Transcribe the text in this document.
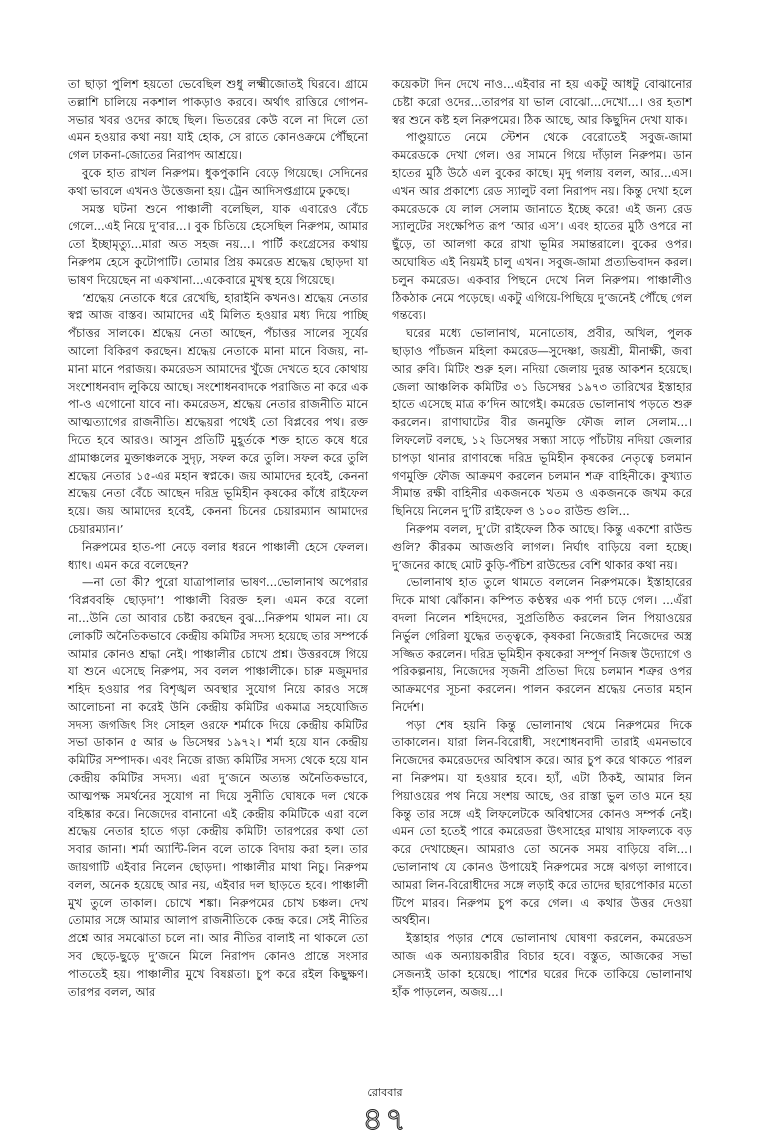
তা ছাড়া পুলিশ হয়তো ভেবেছিল শুধু লক্ষ্মীজোতই ঘিরবে। গ্রামে তল্লাশি চালিয়ে নকশাল পাকড়াও করবে। অর্থাৎ রাত্তিরে গোপন-সভার খবর ওদের কাছে ছিল। ভিতরের কেউ বলে না দিলে তো এমন হওয়ার কথা নয়! যাই হোক, সে রাতে কোনওক্রমে পৌঁছনো গেল ঢাকনা-জোতের নিরাপদ আশ্রয়ে।

বুকে হাত রাখল নিরুপম। ধুকপুকানি বেড়ে গিয়েছে। সেদিনের কথা ভাবলে এখনও উত্তেজনা হয়। ট্রেন আদিসপ্তগ্রামে ঢুকছে।

সমস্ত ঘটনা শুনে পাঞ্চালী বলেছিল, যাক এবারেও বেঁচে গেলে...এই নিয়ে দু’বার...। বুক চিতিয়ে হেসেছিল নিরুপম, আমার তো ইচ্ছামৃত্যু...মারা অত সহজ নয়...। পার্টি কংগ্রেসের কথায় নিরুপম হেসে কুটোপাটি। তোমার প্রিয় কমরেড শ্রদ্ধেয় ছোড়দা যা ভাষণ দিয়েছেন না একখানা...একেবারে মুখস্থ হয়ে গিয়েছে।

‘শ্রদ্ধেয় নেতাকে ধরে রেখেছি, হারাইনি কখনও। শ্রদ্ধেয় নেতার স্বপ্ন আজ বাস্তব। আমাদের এই মিলিত হওয়ার মধ্য দিয়ে পাচ্ছি পঁচাত্তর সালকে। শ্রদ্ধেয় নেতা আছেন, পঁচাত্তর সালের সূর্যের আলো বিকিরণ করছেন। শ্রদ্ধেয় নেতাকে মানা মানে বিজয়, না-মানা মানে পরাজয়। কমরেডস আমাদের খুঁজে দেখতে হবে কোথায় সংশোধনবাদ লুকিয়ে আছে। সংশোধনবাদকে পরাজিত না করে এক পা-ও এগোনো যাবে না। কমরেডস, শ্রদ্ধেয় নেতার রাজনীতি মানে আত্মত্যাগের রাজনীতি। শ্রদ্ধেয়রা পথেই তো বিপ্লবের পথ। রক্ত দিতে হবে আরও। আসুন প্রতিটি মুহূর্তকে শক্ত হাতে কষে ধরে গ্রামাঞ্চলের মুক্তাঞ্চলকে সুদৃঢ়, সফল করে তুলি। সফল করে তুলি শ্রদ্ধেয় নেতার ১৫-এর মহান স্বপ্নকে। জয় আমাদের হবেই, কেননা শ্রদ্ধেয় নেতা বেঁচে আছেন দরিদ্র ভূমিহীন কৃষকের কাঁধে রাইফেল হয়ে। জয় আমাদের হবেই, কেননা চিনের চেয়ারম্যান আমাদের চেয়ারম্যান।’

নিরুপমের হাত-পা নেড়ে বলার ধরনে পাঞ্চালী হেসে ফেলল। ধ্যাৎ। এমন করে বলেছেন?

—না তো কী? পুরো যাত্রাপালার ভাষণ...ভোলানাথ অপেরার ‘বিপ্লববহ্নি ছোড়দা’! পাঞ্চালী বিরক্ত হল। এমন করে বলো না...উনি তো আবার চেষ্টা করছেন বুঝ...নিরুপম থামল না। যে লোকটি অনৈতিকভাবে কেন্দ্রীয় কমিটির সদস্য হয়েছে তার সম্পর্কে আমার কোনও শ্রদ্ধা নেই। পাঞ্চালীর চোখে প্রশ্ন। উত্তরবঙ্গে গিয়ে যা শুনে এসেছে নিরুপম, সব বলল পাঞ্চালীকে। চারু মজুমদার শহিদ হওয়ার পর বিশৃঙ্খল অবস্থার সুযোগ নিয়ে কারও সঙ্গে আলোচনা না করেই উনি কেন্দ্রীয় কমিটির একমাত্র সহযোজিত সদস্য জগজিৎ সিং সোহল ওরফে শর্মাকে দিয়ে কেন্দ্রীয় কমিটির সভা ডাকান ৫ আর ৬ ডিসেম্বর ১৯৭২। শর্মা হয়ে যান কেন্দ্রীয় কমিটির সম্পাদক। এবং নিজে রাজ্য কমিটির সদস্য থেকে হয়ে যান কেন্দ্রীয় কমিটির সদস্য। এরা দু’জনে অত্যন্ত অনৈতিকভাবে, আত্মপক্ষ সমর্থনের সুযোগ না দিয়ে সুনীতি ঘোষকে দল থেকে বহিষ্কার করে। নিজেদের বানানো এই কেন্দ্রীয় কমিটিকে এরা বলে শ্রদ্ধেয় নেতার হাতে গড়া কেন্দ্রীয় কমিটি! তারপরের কথা তো সবার জানা। শর্মা অ্যান্টি-লিন বলে তাকে বিদায় করা হল। তার জায়গাটি এইবার নিলেন ছোড়দা। পাঞ্চালীর মাথা নিচু। নিরুপম বলল, অনেক হয়েছে আর নয়, এইবার দল ছাড়তে হবে। পাঞ্চালী মুখ তুলে তাকাল। চোখে শঙ্কা। নিরুপমের চোখ চঞ্চল। দেখ তোমার সঙ্গে আমার আলাপ রাজনীতিকে কেন্দ্র করে। সেই নীতির প্রশ্নে আর সমঝোতা চলে না। আর নীতির বালাই না থাকলে তো সব ছেড়ে-ছুড়ে দু’জনে মিলে নিরাপদ কোনও প্রান্তে সংসার পাততেই হয়। পাঞ্চালীর মুখে বিষণ্ণতা। চুপ করে রইল কিছুক্ষণ। তারপর বলল, আর

কয়েকটা দিন দেখে নাও...এইবার না হয় একটু আধটু বোঝানোর চেষ্টা করো ওদের...তারপর যা ভাল বোঝো...দেখো...। ওর হতাশ স্বর শুনে কষ্ট হল নিরুপমের। ঠিক আছে, আর কিছুদিন দেখা যাক।

পাণ্ডুয়াতে নেমে স্টেশন থেকে বেরোতেই সবুজ-জামা কমরেডকে দেখা গেল। ওর সামনে গিয়ে দাঁড়াল নিরুপম। ডান হাতের মুঠি উঠে এল বুকের কাছে। মৃদু গলায় বলল, আর...এস। এখন আর প্রকাশ্যে রেড স্যালুট বলা নিরাপদ নয়। কিন্তু দেখা হলে কমরেডকে যে লাল সেলাম জানাতে ইচ্ছে করে! এই জন্য রেড স্যালুটের সংক্ষেপিত রূপ ‘আর এস’। এবং হাতের মুঠি ওপরে না ছুঁড়ে, তা আলগা করে রাখা ভূমির সমান্তরালে। বুকের ওপর। অঘোষিত এই নিয়মই চালু এখন। সবুজ-জামা প্রত্যভিবাদন করল। চলুন কমরেড। একবার পিছনে দেখে নিল নিরুপম। পাঞ্চালীও ঠিকঠাক নেমে পড়েছে। একটু এগিয়ে-পিছিয়ে দু’জনেই পৌঁছে গেল গন্তব্যে।

ঘরের মধ্যে ভোলানাথ, মনোতোষ, প্রবীর, অখিল, পুলক ছাড়াও পাঁচজন মহিলা কমরেড—সুদেষ্ণা, জয়শ্রী, মীনাক্ষী, জবা আর রুবি। মিটিং শুরু হল। নদিয়া জেলায় দুরন্ত আকশন হয়েছে। জেলা আঞ্চলিক কমিটির ৩১ ডিসেম্বর ১৯৭৩ তারিখের ইস্তাহার হাতে এসেছে মাত্র ক’দিন আগেই। কমরেড ভোলানাথ পড়তে শুরু করলেন। রাণাঘাটের বীর জনমুক্তি ফৌজ লাল সেলাম...। লিফলেট বলছে, ১২ ডিসেম্বর সন্ধ্যা সাড়ে পাঁচটায় নদিয়া জেলার চাপড়া থানার রাণাবন্ধে দরিদ্র ভূমিহীন কৃষকের নেতৃত্বে চলমান গণমুক্তি ফৌজ আক্রমণ করলেন চলমান শত্রু বাহিনীকে। কুখ্যাত সীমান্ত রক্ষী বাহিনীর একজনকে খতম ও একজনকে জখম করে ছিনিয়ে নিলেন দু’টি রাইফেল ও ১০০ রাউন্ড গুলি...

নিরুপম বলল, দু’টো রাইফেল ঠিক আছে। কিন্তু একশো রাউন্ড গুলি? কীরকম আজগুবি লাগল। নির্ঘাৎ বাড়িয়ে বলা হচ্ছে। দু’জনের কাছে মোট কুড়ি-পঁচিশ রাউন্ডের বেশি থাকার কথা নয়।

ভোলানাথ হাত তুলে থামতে বললেন নিরুপমকে। ইস্তাহারের দিকে মাথা ঝোঁকান। কম্পিত কণ্ঠস্বর এক পর্দা চড়ে গেল। ...এঁরা বদলা নিলেন শহিদদের, সুপ্রতিষ্ঠিত করলেন লিন পিয়াওয়ের নির্ভুল গেরিলা যুদ্ধের তত্ত্বকে, কৃষকরা নিজেরাই নিজেদের অস্ত্র সজ্জিত করলেন। দরিদ্র ভূমিহীন কৃষকেরা সম্পূর্ণ নিজস্ব উদ্যোগে ও পরিকল্পনায়, নিজেদের সৃজনী প্রতিভা দিয়ে চলমান শত্রুর ওপর আক্রমণের সূচনা করলেন। পালন করলেন শ্রদ্ধেয় নেতার মহান নির্দেশ।

পড়া শেষ হয়নি কিন্তু ভোলানাথ থেমে নিরুপমের দিকে তাকালেন। যারা লিন-বিরোধী, সংশোধনবাদী তারাই এমনভাবে নিজেদের কমরেডদের অবিশ্বাস করে। আর চুপ করে থাকতে পারল না নিরুপম। যা হওয়ার হবে। হ্যাঁ, এটা ঠিকই, আমার লিন পিয়াওয়ের পথ নিয়ে সংশয় আছে, ওর রাস্তা ভুল তাও মনে হয় কিন্তু তার সঙ্গে এই লিফলেটকে অবিশ্বাসের কোনও সম্পর্ক নেই। এমন তো হতেই পারে কমরেডরা উৎসাহের মাথায় সাফল্যকে বড় করে দেখাচ্ছেন। আমরাও তো অনেক সময় বাড়িয়ে বলি...। ভোলানাথ যে কোনও উপায়েই নিরুপমের সঙ্গে ঝগড়া লাগাবে। আমরা লিন-বিরোধীদের সঙ্গে লড়াই করে তাদের ছারপোকার মতো টিপে মারব। নিরুপম চুপ করে গেল। এ কথার উত্তর দেওয়া অর্থহীন।

ইস্তাহার পড়ার শেষে ভোলানাথ ঘোষণা করলেন, কমরেডস আজ এক অন্যায়কারীর বিচার হবে। বস্তুত, আজকের সভা সেজন্যই ডাকা হয়েছে। পাশের ঘরের দিকে তাকিয়ে ভোলানাথ হাঁক পাড়লেন, অজয়...।

রোববার
৪৭
